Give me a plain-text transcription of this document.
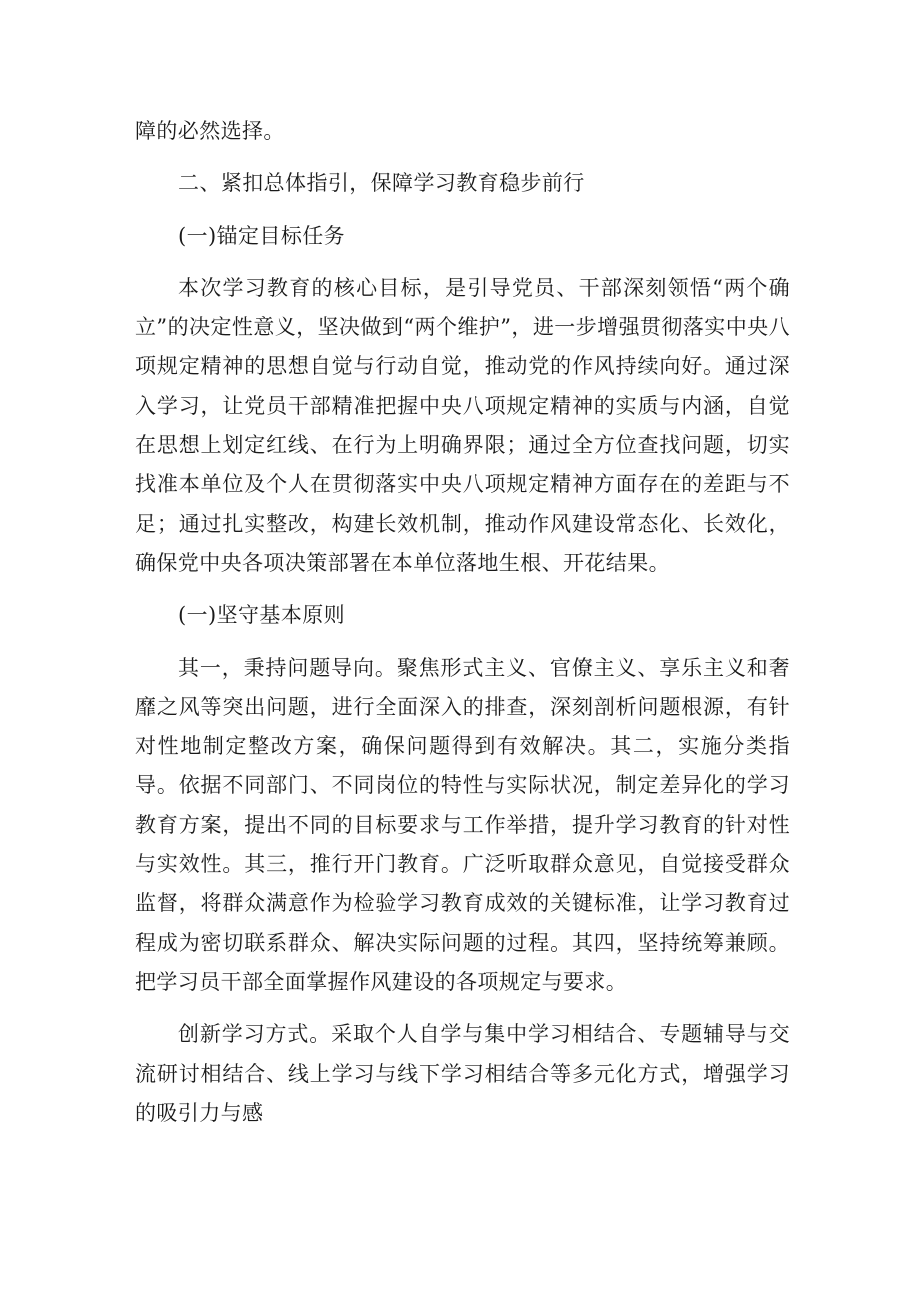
障的必然选择。

二、紧扣总体指引，保障学习教育稳步前行

(一)锚定目标任务

本次学习教育的核心目标，是引导党员、干部深刻领悟“两个确立”的决定性意义，坚决做到“两个维护”，进一步增强贯彻落实中央八项规定精神的思想自觉与行动自觉，推动党的作风持续向好。通过深入学习，让党员干部精准把握中央八项规定精神的实质与内涵，自觉在思想上划定红线、在行为上明确界限；通过全方位查找问题，切实找准本单位及个人在贯彻落实中央八项规定精神方面存在的差距与不足；通过扎实整改，构建长效机制，推动作风建设常态化、长效化，确保党中央各项决策部署在本单位落地生根、开花结果。

(一)坚守基本原则

其一，秉持问题导向。聚焦形式主义、官僚主义、享乐主义和奢靡之风等突出问题，进行全面深入的排查，深刻剖析问题根源，有针对性地制定整改方案，确保问题得到有效解决。其二，实施分类指导。依据不同部门、不同岗位的特性与实际状况，制定差异化的学习教育方案，提出不同的目标要求与工作举措，提升学习教育的针对性与实效性。其三，推行开门教育。广泛听取群众意见，自觉接受群众监督，将群众满意作为检验学习教育成效的关键标准，让学习教育过程成为密切联系群众、解决实际问题的过程。其四，坚持统筹兼顾。把学习员干部全面掌握作风建设的各项规定与要求。

创新学习方式。采取个人自学与集中学习相结合、专题辅导与交流研讨相结合、线上学习与线下学习相结合等多元化方式，增强学习的吸引力与感
